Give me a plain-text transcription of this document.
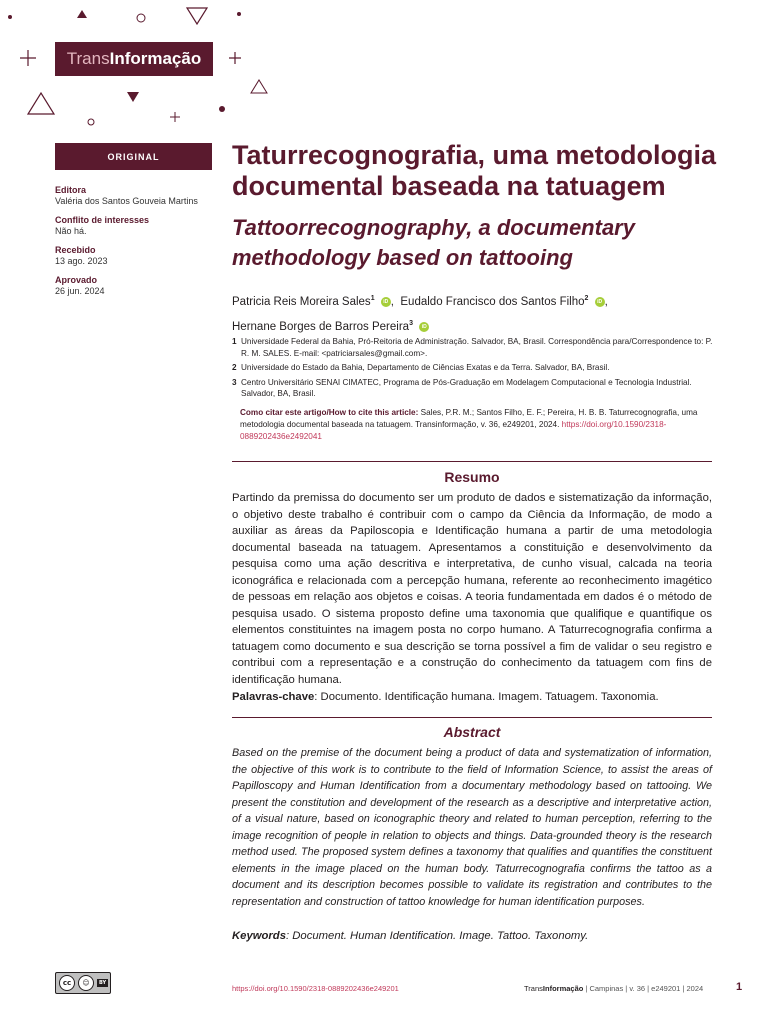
Trans Informação
ORIGINAL
Editora
Valéria dos Santos Gouveia Martins
Conflito de interesses
Não há.
Recebido
13 ago. 2023
Aprovado
26 jun. 2024
Taturrecognografia, uma metodologia documental baseada na tatuagem
Tattoorrecognography, a documentary methodology based on tattooing
Patricia Reis Moreira Sales$^1$ iD ,  Eudaldo Francisco dos Santos Filho$^2$ iD ,
Hernane Borges de Barros Pereira$^3$ iD
1 Universidade Federal da Bahia, Pró-Reitoria de Administração. Salvador, BA, Brasil. Correspondência para/Correspondence to: P. R. M. SALES. E-mail: <patriciarsales@gmail.com>.
2 Universidade do Estado da Bahia, Departamento de Ciências Exatas e da Terra. Salvador, BA, Brasil.
3 Centro Universitário SENAI CIMATEC, Programa de Pós-Graduação em Modelagem Computacional e Tecnologia Industrial. Salvador, BA, Brasil.
Como citar este artigo/How to cite this article: Sales, P.R. M.; Santos Filho, E. F.; Pereira, H. B. B. Taturrecognografia, uma metodologia documental baseada na tatuagem. Transinformação, v. 36, e249201, 2024. https://doi.org/10.1590/2318-0889202436e2492041
Resumo
Partindo da premissa do documento ser um produto de dados e sistematização da informação, o objetivo deste trabalho é contribuir com o campo da Ciência da Informação, de modo a auxiliar as áreas da Papiloscopia e Identificação humana a partir de uma metodologia documental baseada na tatuagem. Apresentamos a constituição e desenvolvimento da pesquisa como uma ação descritiva e interpretativa, de cunho visual, calcada na teoria iconográfica e relacionada com a percepção humana, referente ao reconhecimento imagético de pessoas em relação aos objetos e coisas. A teoria fundamentada em dados é o método de pesquisa usado. O sistema proposto define uma taxonomia que qualifique e quantifique os elementos constituintes na imagem posta no corpo humano. A Taturrecognografia confirma a tatuagem como documento e sua descrição se torna possível a fim de validar o seu registro e contribui com a representação e a construção do conhecimento da tatuagem com fins de identificação humana.
Palavras-chave: Documento. Identificação humana. Imagem. Tatuagem. Taxonomia.
Abstract
Based on the premise of the document being a product of data and systematization of information, the objective of this work is to contribute to the field of Information Science, to assist the areas of Papilloscopy and Human Identification from a documentary methodology based on tattooing. We present the constitution and development of the research as a descriptive and interpretative action, of a visual nature, based on iconographic theory and related to human perception, referring to the image recognition of people in relation to objects and things. Data-grounded theory is the research method used. The proposed system defines a taxonomy that qualifies and quantifies the constituent elements in the image placed on the human body. Taturrecognografia confirms the tattoo as a document and its description becomes possible to validate its registration and contributes to the representation and construction of tattoo knowledge for human identification purposes.
Keywords: Document. Human Identification. Image. Tattoo. Taxonomy.
cc	☺	BY
https://doi.org/10.1590/2318-0889202436e249201	TransInformação | Campinas | v. 36 | e249201 | 2024	1
